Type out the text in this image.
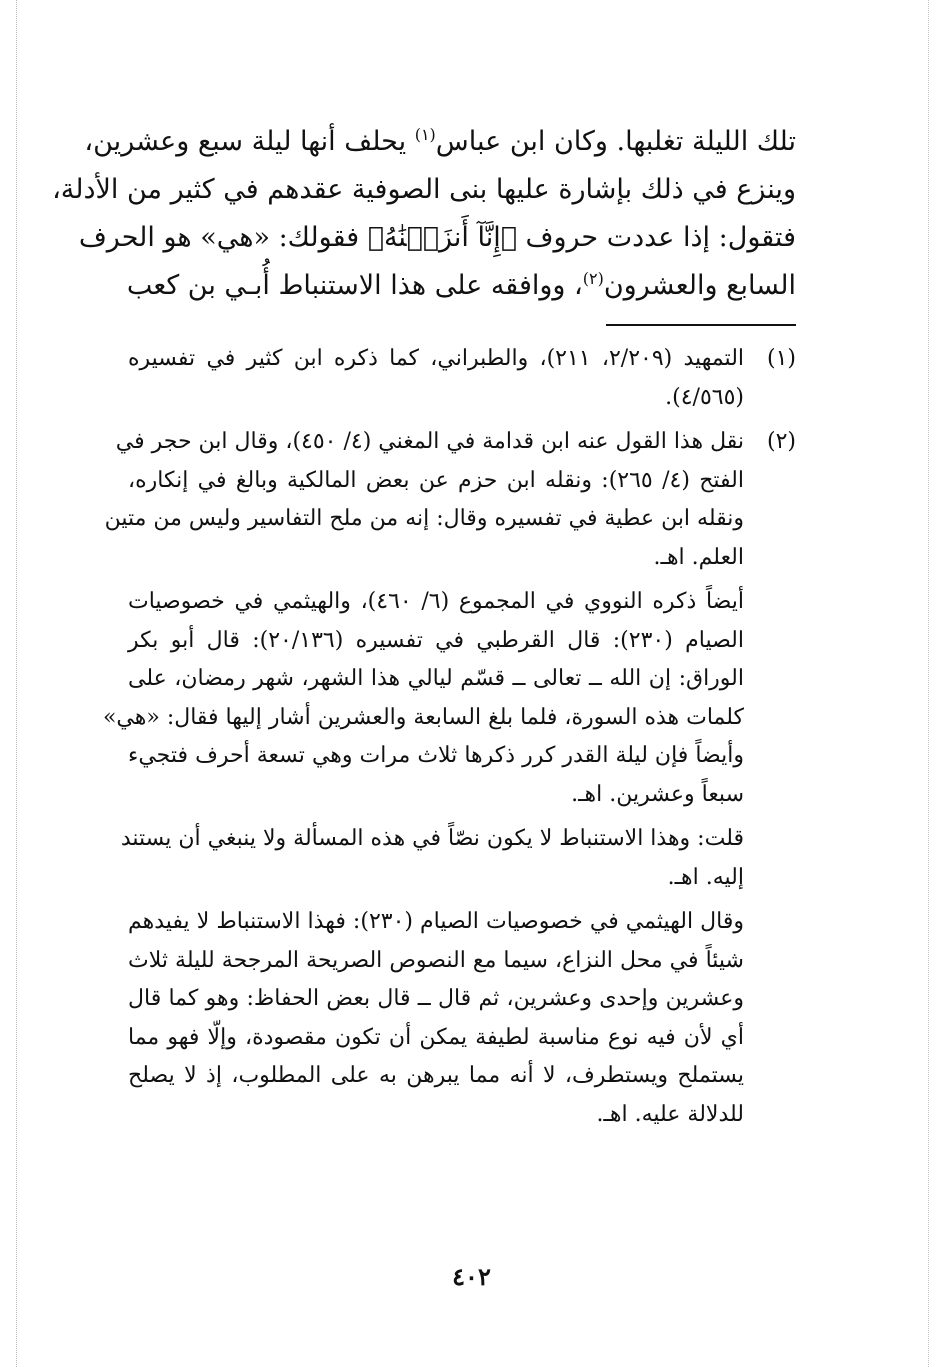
تلك الليلة تغلبها. وكان ابن عباس$^{(١)}$ يحلف أنها ليلة سبع وعشرين،
وينزع في ذلك بإشارة عليها بنى الصوفية عقدهم في كثير من الأدلة،
فتقول: إذا عددت حروف ﴿إِنَّآ أَنزَلۡنَٰهُ﴾ فقولك: «هي» هو الحرف
السابع والعشرون$^{(٢)}$، ووافقه على هذا الاستنباط أُبـي بن كعب
(١)
التمهيد (٢/٢٠٩، ٢١١)، والطبراني، كما ذكره ابن كثير في تفسيره
(٤/٥٦٥).
(٢)
نقل هذا القول عنه ابن قدامة في المغني (٤/ ٤٥٠)، وقال ابن حجر في
الفتح (٤/ ٢٦٥): ونقله ابن حزم عن بعض المالكية وبالغ في إنكاره،
ونقله ابن عطية في تفسيره وقال: إنه من ملح التفاسير وليس من متين
العلم. اهـ.
أيضاً ذكره النووي في المجموع (٦/ ٤٦٠)، والهيثمي في خصوصيات
الصيام (٢٣٠): قال القرطبي في تفسيره (٢٠/١٣٦): قال أبو بكر
الوراق: إن الله ــ تعالى ــ قسّم ليالي هذا الشهر، شهر رمضان، على
كلمات هذه السورة، فلما بلغ السابعة والعشرين أشار إليها فقال: «هي»
وأيضاً فإن ليلة القدر كرر ذكرها ثلاث مرات وهي تسعة أحرف فتجيء
سبعاً وعشرين. اهـ.
قلت: وهذا الاستنباط لا يكون نصّاً في هذه المسألة ولا ينبغي أن يستند
إليه. اهـ.
وقال الهيثمي في خصوصيات الصيام (٢٣٠): فهذا الاستنباط لا يفيدهم
شيئاً في محل النزاع، سيما مع النصوص الصريحة المرجحة لليلة ثلاث
وعشرين وإحدى وعشرين، ثم قال ــ قال بعض الحفاظ: وهو كما قال
أي لأن فيه نوع مناسبة لطيفة يمكن أن تكون مقصودة، وإلّا فهو مما
يستملح ويستطرف، لا أنه مما يبرهن به على المطلوب، إذ لا يصلح
للدلالة عليه. اهـ.
٤٠٢
